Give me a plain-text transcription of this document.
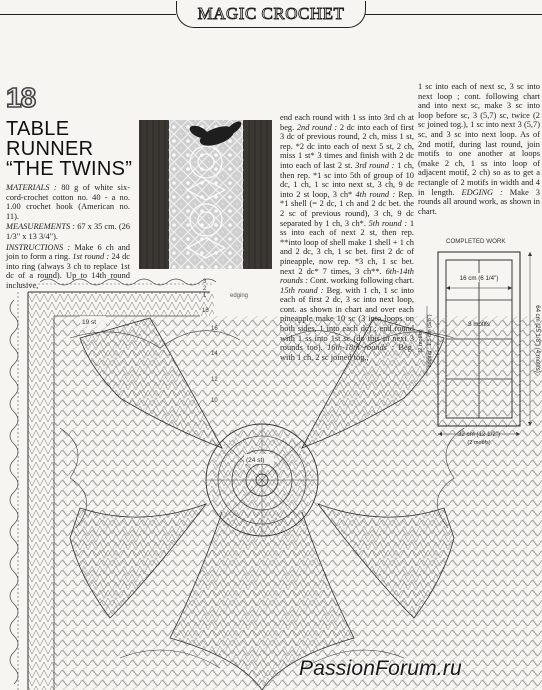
MAGIC CROCHET
18
TABLE
RUNNER
“THE TWINS”

MATERIALS : 80 g of white six-cord-crochet cotton no. 40 - a no. 1.00 crochet hook (American no. 11).

MEASUREMENTS : 67 x 35 cm. (26 1/3" x 13 3/4").

INSTRUCTIONS : Make 6 ch and join to form a ring. 1st round : 24 dc into ring (always 3 ch to replace 1st dc of a round). Up to 14th round inclusive,

end each round with 1 ss into 3rd ch at beg. 2nd round : 2 dc into each of first 3 dc of previous round, 2 ch, miss 1 st, rep. *2 dc into each of next 5 st, 2 ch, miss 1 st* 3 times and finish with 2 dc into each of last 2 st. 3rd round : 1 ch, then rep. *1 sc into 5th of group of 10 dc, 1 ch, 1 sc into next st, 3 ch, 9 dc into 2 st loop, 3 ch* 4th round : Rep. *1 shell (= 2 dc, 1 ch and 2 dc bet. the 2 sc of previous round), 3 ch, 9 dc separated by 1 ch, 3 ch*. 5th round : 1 ss into each of next 2 st, then rep. **into loop of shell make 1 shell + 1 ch and 2 dc, 3 ch, 1 sc bet. first 2 dc of pineapple, now rep. *3 ch, 1 sc bet. next 2 dc* 7 times, 3 ch**. 6th-14th rounds : Cont. working following chart. 15th round : Beg. with 1 ch, 1 sc into each of first 2 dc, 3 sc into next loop, cont. as shown in chart and over each

1 sc into each of next sc, 3 sc into next loop ; cont. following chart and into next sc, make 3 sc into loop before sc, 3 (5,7) sc, twice (2 sc joined tog.), 1 sc into next 3 (5,7) sc, and 3 sc into next loop. As of 2nd motif, during last round, join motifs to one another at loops (make 2 ch, 1 ss into loop of adjacent motif, 2 ch) so as to get a rectangle of 2 motifs in width and 4 in length. EDGING : Make 3 rounds all around work, as shown in chart.

COMPLETED WORK
16 cm (6 1/4")
edging
3
2
1
18
16
14
12
10
19 st
(24 st)
PassionForum.ru
